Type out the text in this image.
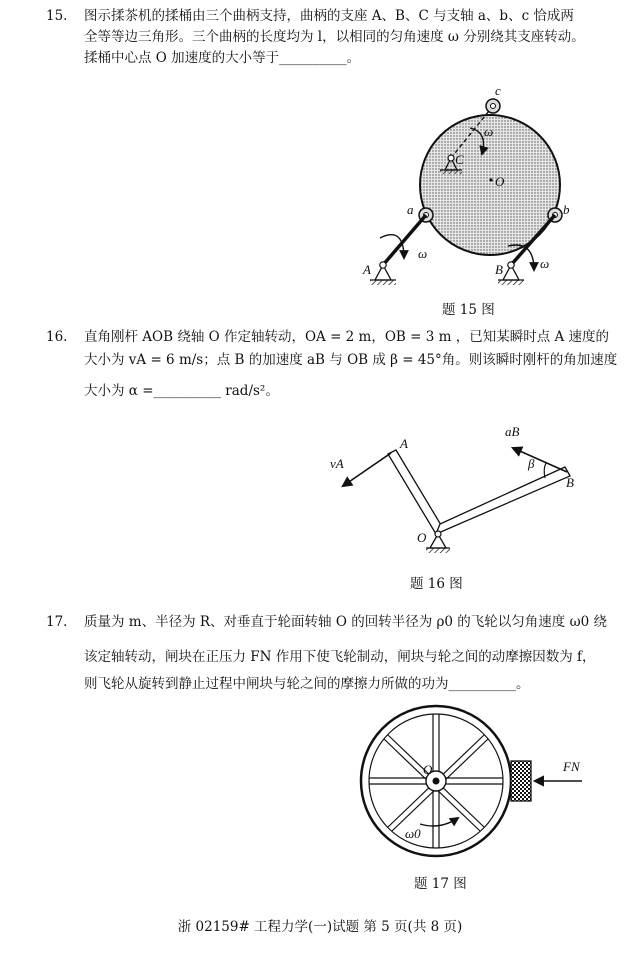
15. 图示揉茶机的揉桶由三个曲柄支持，曲柄的支座 A、B、C 与支轴 a、b、c 恰成两
全等等边三角形。三个曲柄的长度均为 l，以相同的匀角速度 ω 分别绕其支座转动。
揉桶中心点 O 加速度的大小等于__________。
c
C
ω
O
a	b
ω
ω
A	B
题 15 图
16. 直角刚杆 AOB 绕轴 O 作定轴转动，OA = 2 m，OB = 3 m ，已知某瞬时点 A 速度的
大小为 vA = 6 m/s；点 B 的加速度 aB 与 OB 成 β = 45°角。则该瞬时刚杆的角加速度
大小为 α =__________ rad/s²。
A
B
O
vA
aB
β
题 16 图
17. 质量为 m、半径为 R、对垂直于轮面转轴 O 的回转半径为 ρ0 的飞轮以匀角速度 ω0 绕
该定轴转动，闸块在正压力 FN 作用下使飞轮制动，闸块与轮之间的动摩擦因数为 f，
则飞轮从旋转到静止过程中闸块与轮之间的摩擦力所做的功为__________。
O	FN
ω0
题 17 图
浙 02159# 工程力学(一)试题 第 5 页(共 8 页)
